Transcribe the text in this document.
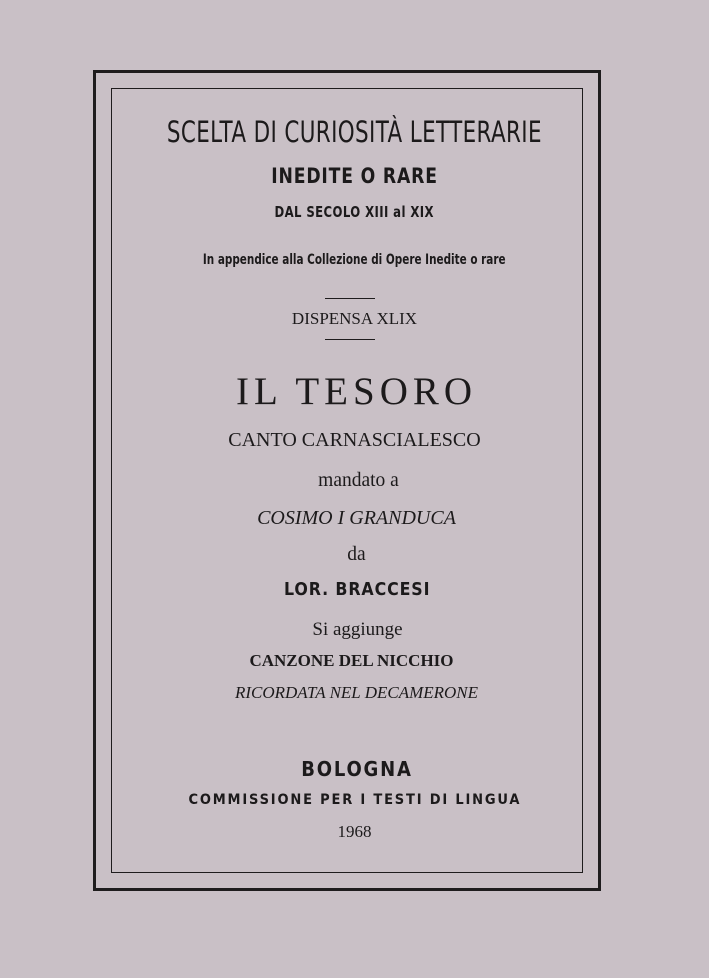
SCELTA DI CURIOSITÀ LETTERARIE
INEDITE O RARE
DAL SECOLO XIII al XIX
In appendice alla Collezione di Opere Inedite o rare
DISPENSA XLIX
IL TESORO
CANTO CARNASCIALESCO
mandato a
COSIMO I GRANDUCA
da
LOR. BRACCESI
Si aggiunge
CANZONE DEL NICCHIO
RICORDATA NEL DECAMERONE
BOLOGNA
COMMISSIONE PER I TESTI DI LINGUA
1968
